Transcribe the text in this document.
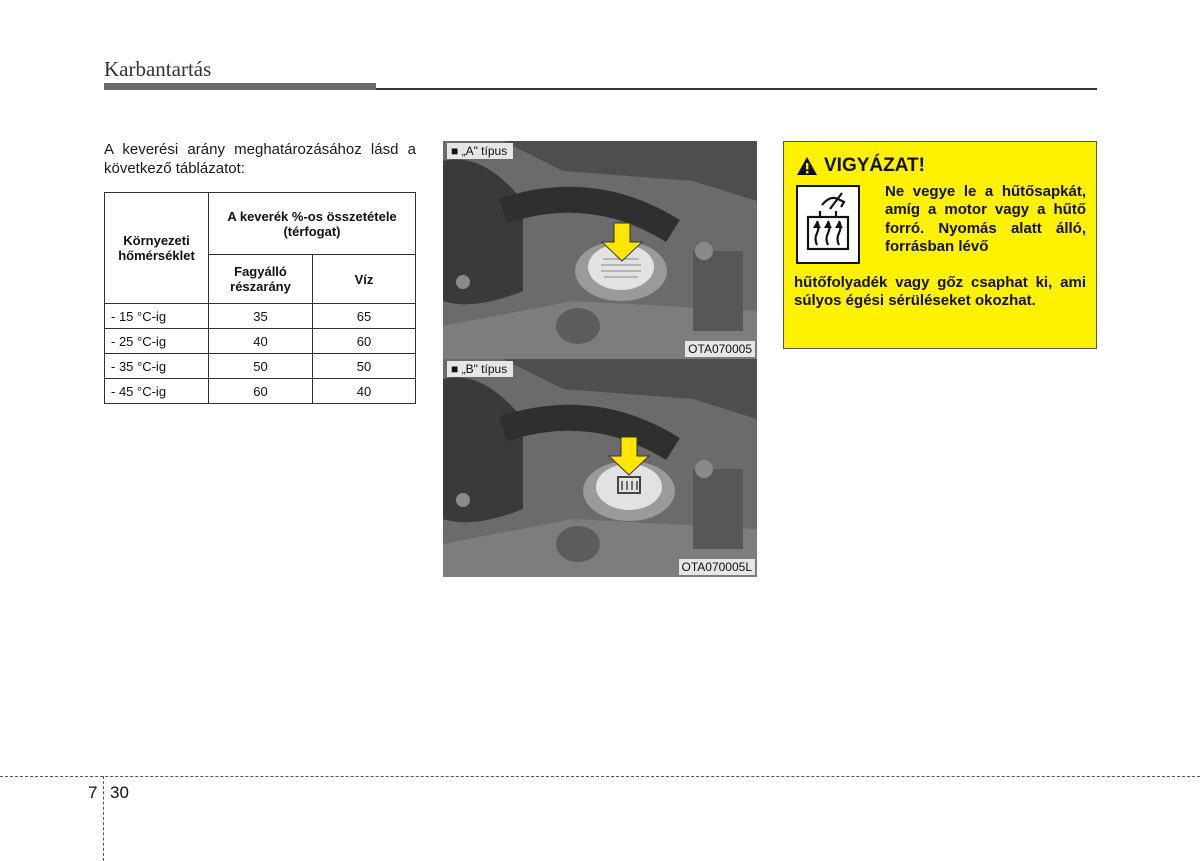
Karbantartás
A keverési arány meghatározásához lásd a következő táblázatot:
Környezeti hőmérséklet	A keverék %-os összetétele (térfogat)	
	Fagyálló részarány	Víz
- 15 °C-ig	35	65
- 25 °C-ig	40	60
- 35 °C-ig	50	50
- 45 °C-ig	60	40
■ „A" típus
OTA070005
■ „B" típus
OTA070005L
VIGYÁZAT!
Ne vegye le a hűtősapkát, amíg a motor vagy a hűtő forró. Nyomás alatt álló, forrásban lévő
hűtőfolyadék vagy gőz csaphat ki, ami súlyos égési sérüléseket okozhat.
7 30
